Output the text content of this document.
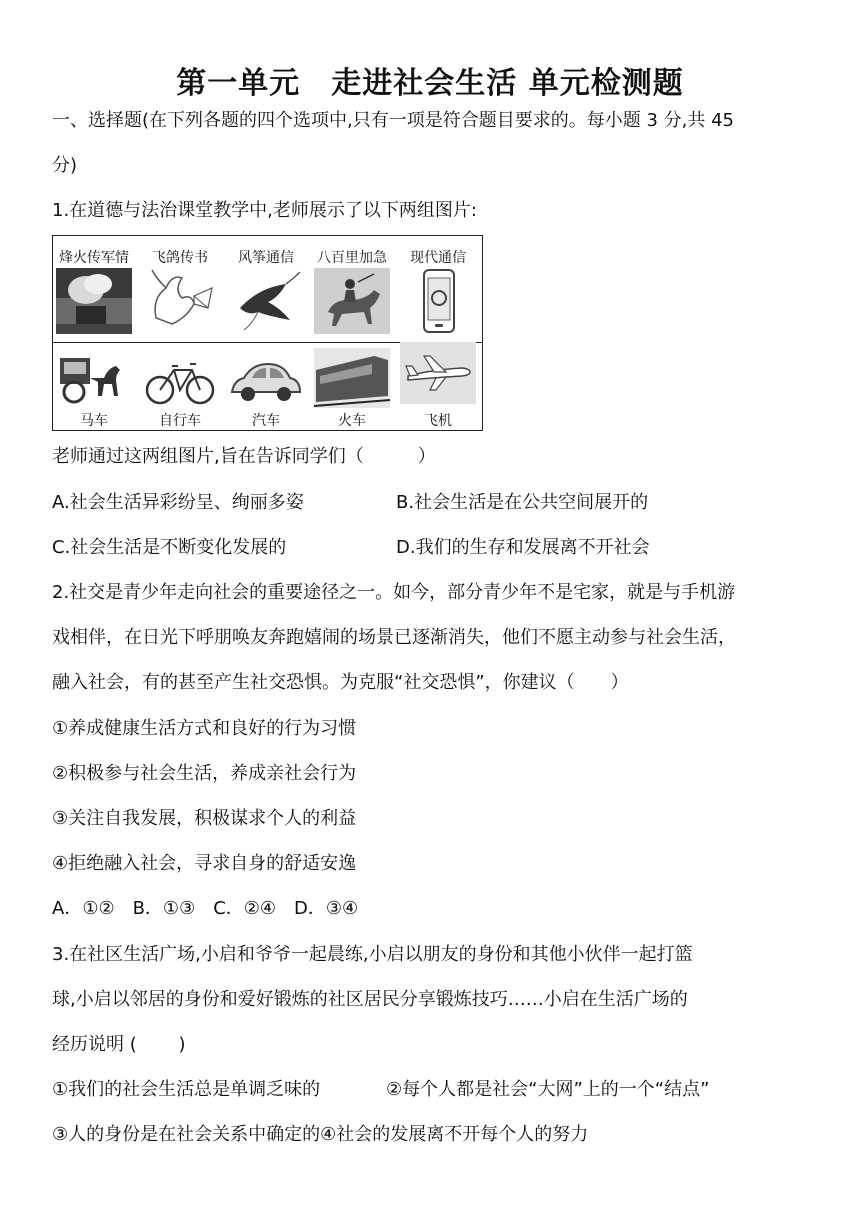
第一单元　走进社会生活 单元检测题
一、选择题(在下列各题的四个选项中,只有一项是符合题目要求的。每小题 3 分,共 45
分)
1.在道德与法治课堂教学中,老师展示了以下两组图片:
烽火传军情	飞鸽传书	风筝通信	八百里加急	现代通信
马车	自行车	汽车	火车	飞机
老师通过这两组图片,旨在告诉同学们（　　　）
A.社会生活异彩纷呈、绚丽多姿	B.社会生活是在公共空间展开的
C.社会生活是不断变化发展的	D.我们的生存和发展离不开社会
2.社交是青少年走向社会的重要途径之一。如今，部分青少年不是宅家，就是与手机游
戏相伴，在日光下呼朋唤友奔跑嬉闹的场景已逐渐消失，他们不愿主动参与社会生活，
融入社会，有的甚至产生社交恐惧。为克服“社交恐惧”，你建议（　　）
①养成健康生活方式和良好的行为习惯
②积极参与社会生活，养成亲社会行为
③关注自我发展，积极谋求个人的利益
④拒绝融入社会，寻求自身的舒适安逸
A．①②　B．①③　C．②④　D．③④
3.在社区生活广场,小启和爷爷一起晨练,小启以朋友的身份和其他小伙伴一起打篮
球,小启以邻居的身份和爱好锻炼的社区居民分享锻炼技巧……小启在生活广场的
经历说明 (　　 )
①我们的社会生活总是单调乏味的	②每个人都是社会“大网”上的一个“结点”
③人的身份是在社会关系中确定的④社会的发展离不开每个人的努力
